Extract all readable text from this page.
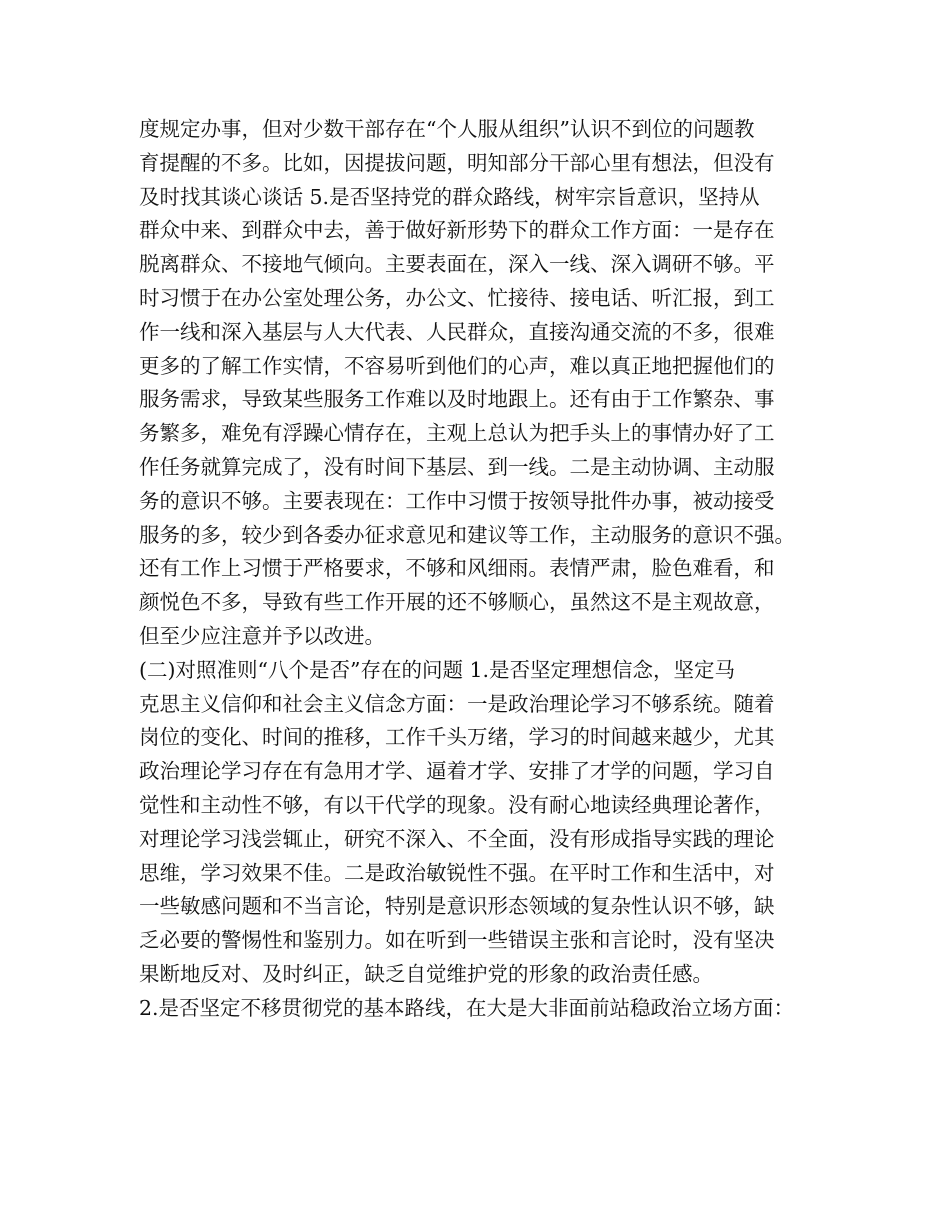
度规定办事，但对少数干部存在“个人服从组织”认识不到位的问题教
育提醒的不多。比如，因提拔问题，明知部分干部心里有想法，但没有
及时找其谈心谈话 5.是否坚持党的群众路线，树牢宗旨意识，坚持从
群众中来、到群众中去，善于做好新形势下的群众工作方面：一是存在
脱离群众、不接地气倾向。主要表面在，深入一线、深入调研不够。平
时习惯于在办公室处理公务，办公文、忙接待、接电话、听汇报，到工
作一线和深入基层与人大代表、人民群众，直接沟通交流的不多，很难
更多的了解工作实情，不容易听到他们的心声，难以真正地把握他们的
服务需求，导致某些服务工作难以及时地跟上。还有由于工作繁杂、事
务繁多，难免有浮躁心情存在，主观上总认为把手头上的事情办好了工
作任务就算完成了，没有时间下基层、到一线。二是主动协调、主动服
务的意识不够。主要表现在：工作中习惯于按领导批件办事，被动接受
服务的多，较少到各委办征求意见和建议等工作，主动服务的意识不强。
还有工作上习惯于严格要求，不够和风细雨。表情严肃，脸色难看，和
颜悦色不多，导致有些工作开展的还不够顺心，虽然这不是主观故意，
但至少应注意并予以改进。
(二)对照准则“八个是否”存在的问题 1.是否坚定理想信念，坚定马
克思主义信仰和社会主义信念方面：一是政治理论学习不够系统。随着
岗位的变化、时间的推移，工作千头万绪，学习的时间越来越少，尤其
政治理论学习存在有急用才学、逼着才学、安排了才学的问题，学习自
觉性和主动性不够，有以干代学的现象。没有耐心地读经典理论著作，
对理论学习浅尝辄止，研究不深入、不全面，没有形成指导实践的理论
思维，学习效果不佳。二是政治敏锐性不强。在平时工作和生活中，对
一些敏感问题和不当言论，特别是意识形态领域的复杂性认识不够，缺
乏必要的警惕性和鉴别力。如在听到一些错误主张和言论时，没有坚决
果断地反对、及时纠正，缺乏自觉维护党的形象的政治责任感。
2.是否坚定不移贯彻党的基本路线，在大是大非面前站稳政治立场方面：
